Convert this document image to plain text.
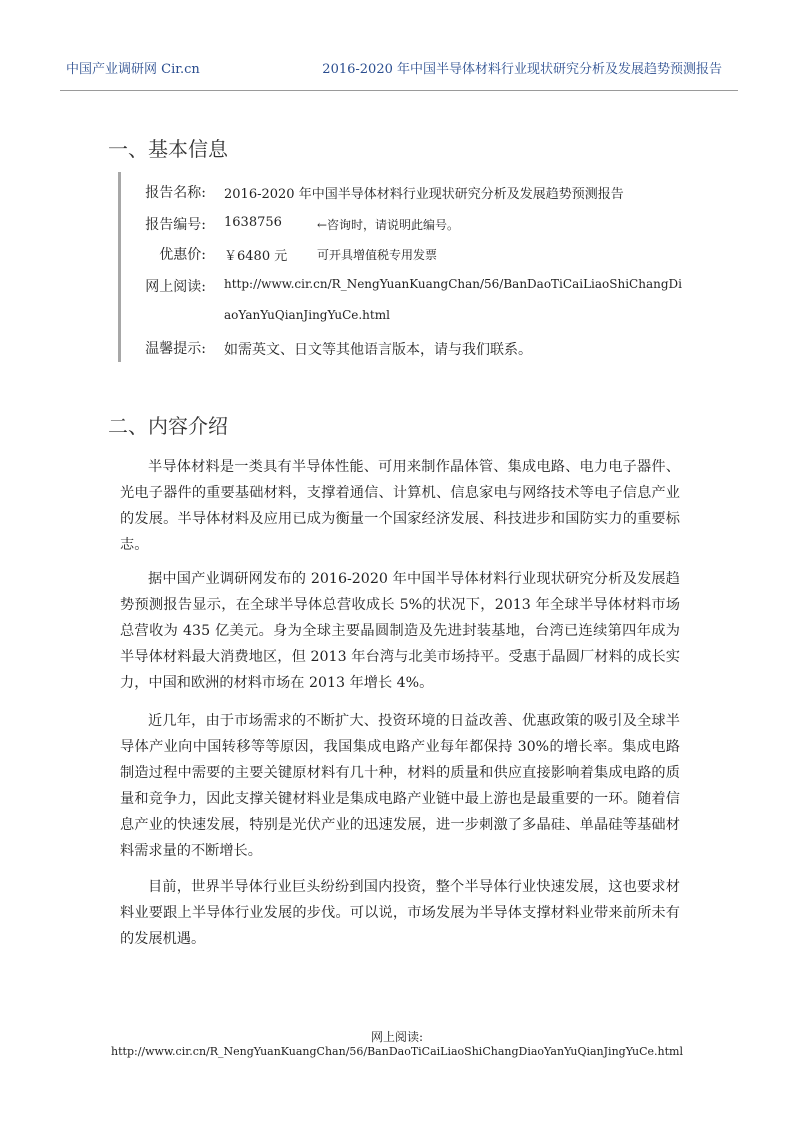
中国产业调研网 Cir.cn	2016-2020 年中国半导体材料行业现状研究分析及发展趋势预测报告
一、基本信息
报告名称: 2016-2020 年中国半导体材料行业现状研究分析及发展趋势预测报告
报告编号: 1638756	←咨询时，请说明此编号。
优惠价: ￥6480 元 可开具增值税专用发票
网上阅读: http://www.cir.cn/R_NengYuanKuangChan/56/BanDaoTiCaiLiaoShiChangDi
aoYanYuQianJingYuCe.html
温馨提示: 如需英文、日文等其他语言版本，请与我们联系。
二、内容介绍

半导体材料是一类具有半导体性能、可用来制作晶体管、集成电路、电力电子器件、光电子器件的重要基础材料，支撑着通信、计算机、信息家电与网络技术等电子信息产业的发展。半导体材料及应用已成为衡量一个国家经济发展、科技进步和国防实力的重要标志。

据中国产业调研网发布的 2016-2020 年中国半导体材料行业现状研究分析及发展趋势预测报告显示，在全球半导体总营收成长 5%的状况下，2013 年全球半导体材料市场总营收为 435 亿美元。身为全球主要晶圆制造及先进封装基地，台湾已连续第四年成为半导体材料最大消费地区，但 2013 年台湾与北美市场持平。受惠于晶圆厂材料的成长实力，中国和欧洲的材料市场在 2013 年增长 4%。

近几年，由于市场需求的不断扩大、投资环境的日益改善、优惠政策的吸引及全球半导体产业向中国转移等等原因，我国集成电路产业每年都保持 30%的增长率。集成电路制造过程中需要的主要关键原材料有几十种，材料的质量和供应直接影响着集成电路的质量和竞争力，因此支撑关键材料业是集成电路产业链中最上游也是最重要的一环。随着信息产业的快速发展，特别是光伏产业的迅速发展，进一步刺激了多晶硅、单晶硅等基础材料需求量的不断增长。

目前，世界半导体行业巨头纷纷到国内投资，整个半导体行业快速发展，这也要求材料业要跟上半导体行业发展的步伐。可以说，市场发展为半导体支撑材料业带来前所未有的发展机遇。

网上阅读:
http://www.cir.cn/R_NengYuanKuangChan/56/BanDaoTiCaiLiaoShiChangDiaoYanYuQianJingYuCe.html
